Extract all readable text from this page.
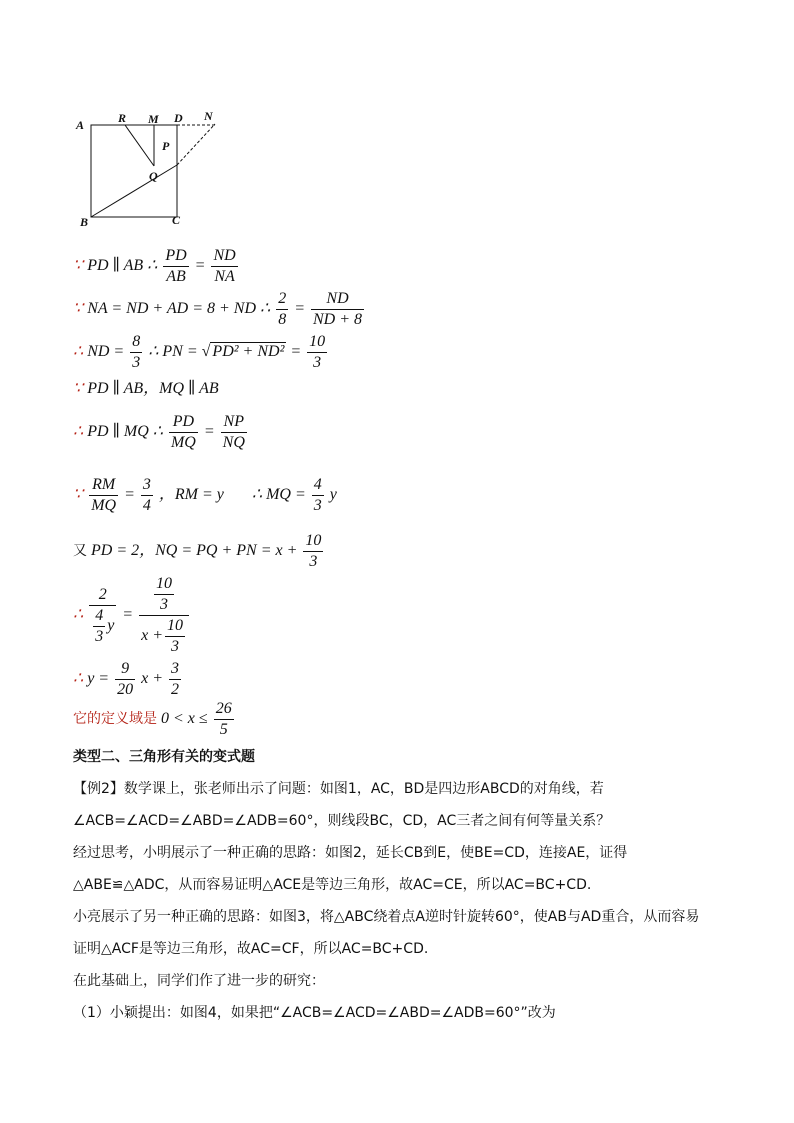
A	R M D N
P
Q
B	C
∵ PD ∥ AB ∴ $\frac{PD}{AB} = \frac{ND}{NA}$
∵ NA = ND + AD = 8 + ND ∴ $\frac{2}{8} = \frac{ND}{ND + 8}$
∴ ND = $\frac{8}{3}$ ∴ PN = √ $PD^2 + ND^2 = \frac{10}{3}$
∵ PD ∥ AB，MQ ∥ AB
∴ PD ∥ MQ ∴ $\frac{PD}{MQ} = \frac{NP}{NQ}$
∵ $\frac{RM}{MQ} = \frac{3}{4}$ ，RM = y ∴ MQ = $\frac{4}{3}$ y
又 PD = 2，NQ = PQ + PN = $x + \frac{10}{3}$
∴ $\frac{2}{\frac{4}{3} y} = \frac{\frac{10}{3}}{x + \frac{10}{3}}$
∴ $y = \frac{9}{20}$ $x + \frac{3}{2}$
它的定义域是 $0 < x \le \frac{26}{5}$
类型二、三角形有关的变式题
【例2】数学课上，张老师出示了问题：如图1，AC，BD是四边形ABCD的对角线，若
∠ACB=∠ACD=∠ABD=∠ADB=60°，则线段BC，CD，AC三者之间有何等量关系？
经过思考，小明展示了一种正确的思路：如图2，延长CB到E，使BE=CD，连接AE，证得
△ABE≌△ADC，从而容易证明△ACE是等边三角形，故AC=CE，所以AC=BC+CD.
小亮展示了另一种正确的思路：如图3，将△ABC绕着点A逆时针旋转60°，使AB与AD重合，从而容易
证明△ACF是等边三角形，故AC=CF，所以AC=BC+CD.
在此基础上，同学们作了进一步的研究：
（1）小颖提出：如图4，如果把“∠ACB=∠ACD=∠ABD=∠ADB=60°”改为
